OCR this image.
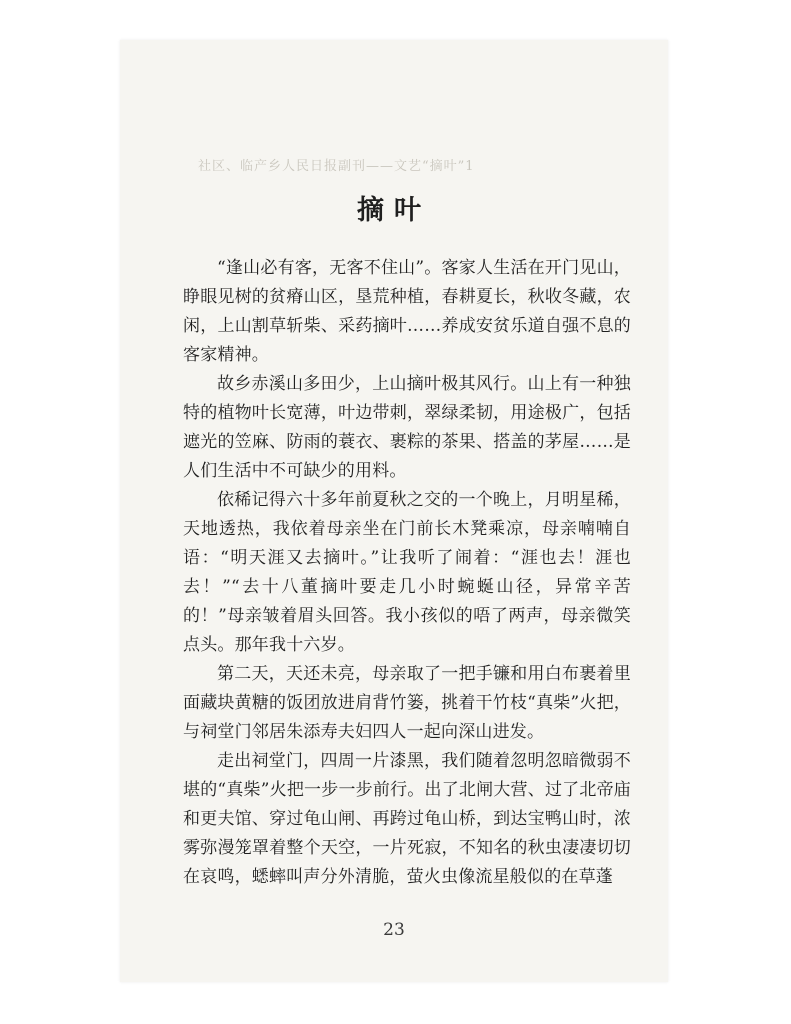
社区、临产乡人民日报副刊——文艺“摘叶”1
摘叶

“逢山必有客，无客不住山”。客家人生活在开门见山，睁眼见树的贫瘠山区，垦荒种植，春耕夏长，秋收冬藏，农闲，上山割草斩柴、采药摘叶……养成安贫乐道自强不息的客家精神。

故乡赤溪山多田少，上山摘叶极其风行。山上有一种独特的植物叶长宽薄，叶边带刺，翠绿柔韧，用途极广，包括遮光的笠麻、防雨的蓑衣、裹粽的茶果、搭盖的茅屋……是人们生活中不可缺少的用料。

依稀记得六十多年前夏秋之交的一个晚上，月明星稀，天地透热，我依着母亲坐在门前长木凳乘凉，母亲喃喃自语：“明天涯又去摘叶。”让我听了闹着：“涯也去！涯也去！”“去十八董摘叶要走几小时蜿蜒山径，异常辛苦的！”母亲皱着眉头回答。我小孩似的唔了两声，母亲微笑点头。那年我十六岁。

第二天，天还未亮，母亲取了一把手镰和用白布裹着里面藏块黄糖的饭团放进肩背竹篓，挑着干竹枝“真柴”火把，与祠堂门邻居朱添寿夫妇四人一起向深山进发。

走出祠堂门，四周一片漆黑，我们随着忽明忽暗微弱不堪的“真柴”火把一步一步前行。出了北闸大营、过了北帝庙和更夫馆、穿过龟山闸、再跨过龟山桥，到达宝鸭山时，浓雾弥漫笼罩着整个天空，一片死寂，不知名的秋虫凄凄切切在哀鸣，蟋蟀叫声分外清脆，萤火虫像流星般似的在草蓬

23
